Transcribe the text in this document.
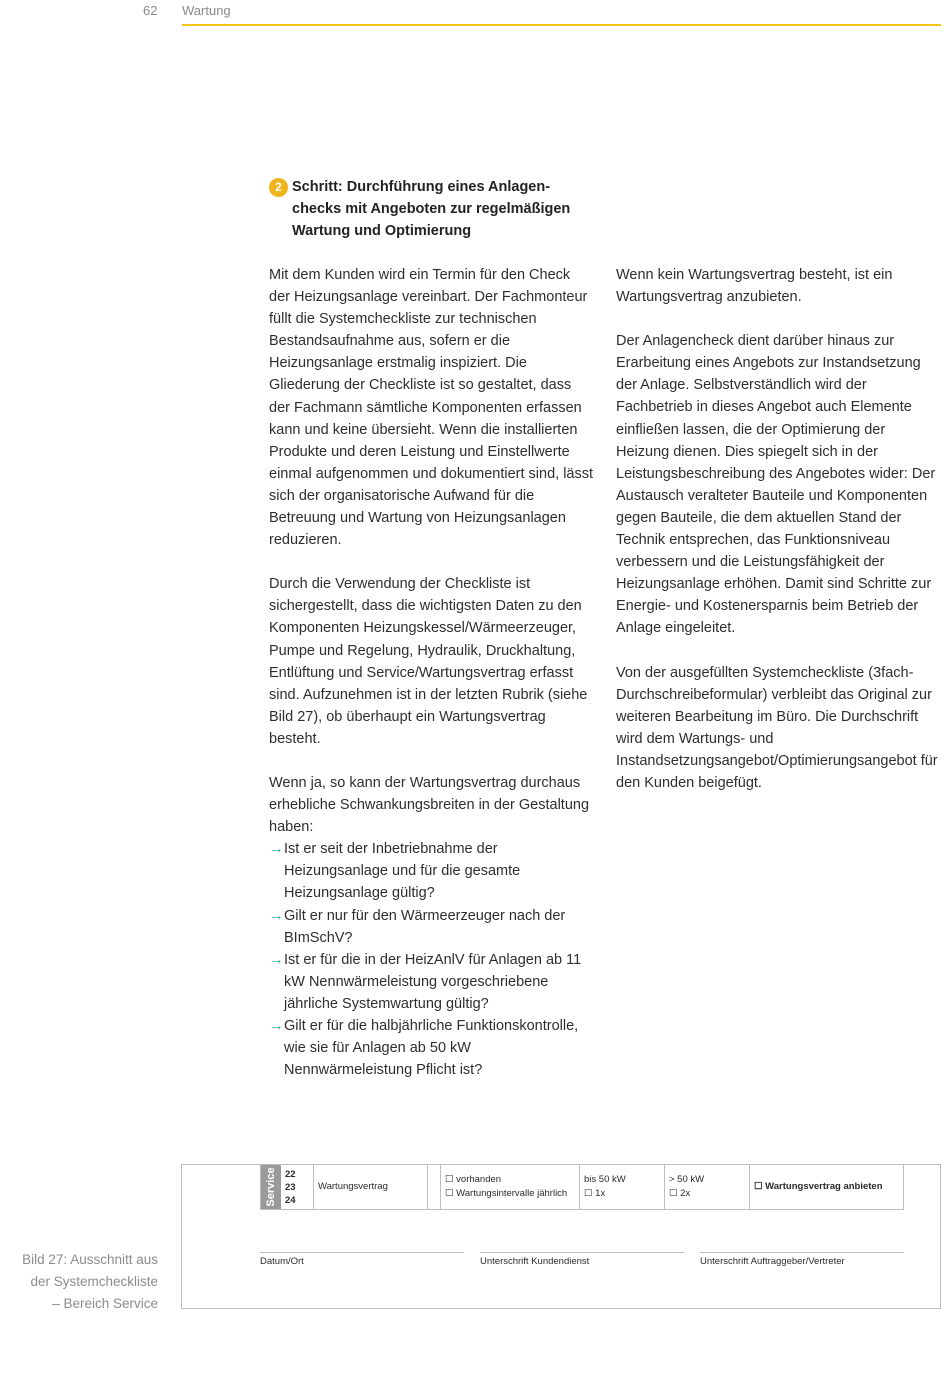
62 Wartung
2 Schritt: Durchführung eines Anlagen-
checks mit Angeboten zur regelmäßigen
Wartung und Optimierung

Mit dem Kunden wird ein Termin für den Check der Heizungsanlage vereinbart. Der Fachmonteur füllt die Systemcheckliste zur technischen Bestandsaufnahme aus, sofern er die Heizungsanlage erstmalig inspiziert. Die Gliederung der Checkliste ist so gestaltet, dass der Fachmann sämtliche Komponenten erfassen kann und keine übersieht. Wenn die installierten Produkte und deren Leistung und Einstellwerte einmal aufgenommen und dokumentiert sind, lässt sich der organisatorische Aufwand für die Betreuung und Wartung von Heizungsanlagen reduzieren.

Durch die Verwendung der Checkliste ist sichergestellt, dass die wichtigsten Daten zu den Komponenten Heizungskessel/Wärmeerzeuger, Pumpe und Regelung, Hydraulik, Druckhaltung, Entlüftung und Service/Wartungsvertrag erfasst sind. Aufzunehmen ist in der letzten Rubrik (siehe Bild 27), ob überhaupt ein Wartungsvertrag besteht.

Wenn ja, so kann der Wartungsvertrag durchaus erhebliche Schwankungsbreiten in der Gestaltung haben:

→ Ist er seit der Inbetriebnahme der Heizungsanlage und für die gesamte Heizungsanlage gültig?
→ Gilt er nur für den Wärmeerzeuger nach der BImSchV?
→ Ist er für die in der HeizAnlV für Anlagen ab 11 kW Nennwärmeleistung vorgeschriebene jährliche Systemwartung gültig?
→ Gilt er für die halbjährliche Funktionskontrolle, wie sie für Anlagen ab 50 kW Nennwärmeleistung Pflicht ist?

Wenn kein Wartungsvertrag besteht, ist ein Wartungsvertrag anzubieten.

Der Anlagencheck dient darüber hinaus zur Erarbeitung eines Angebots zur Instandsetzung der Anlage. Selbstverständlich wird der Fachbetrieb in dieses Angebot auch Elemente einfließen lassen, die der Optimierung der Heizung dienen. Dies spiegelt sich in der Leistungsbeschreibung des Angebotes wider: Der Austausch veralteter Bauteile und Komponenten gegen Bauteile, die dem aktuellen Stand der Technik entsprechen, das Funktionsniveau verbessern und die Leistungsfähigkeit der Heizungsanlage erhöhen. Damit sind Schritte zur Energie- und Kostenersparnis beim Betrieb der Anlage eingeleitet.

Von der ausgefüllten Systemcheckliste (3fach-Durchschreibeformular) verbleibt das Original zur weiteren Bearbeitung im Büro. Die Durchschrift wird dem Wartungs- und Instandsetzungsangebot/Optimierungsangebot für den Kunden beigefügt.

Service 22
23
24
Wartungsvertrag
☐ vorhanden
☐ Wartungsintervalle jährlich
bis 50 kW
☐ 1x
> 50 kW
☐ 2x
☐ Wartungsvertrag anbieten
Datum/Ort	Unterschrift Kundendienst	Unterschrift Auftraggeber/Vertreter
Bild 27: Ausschnitt aus
der Systemcheckliste
– Bereich Service
